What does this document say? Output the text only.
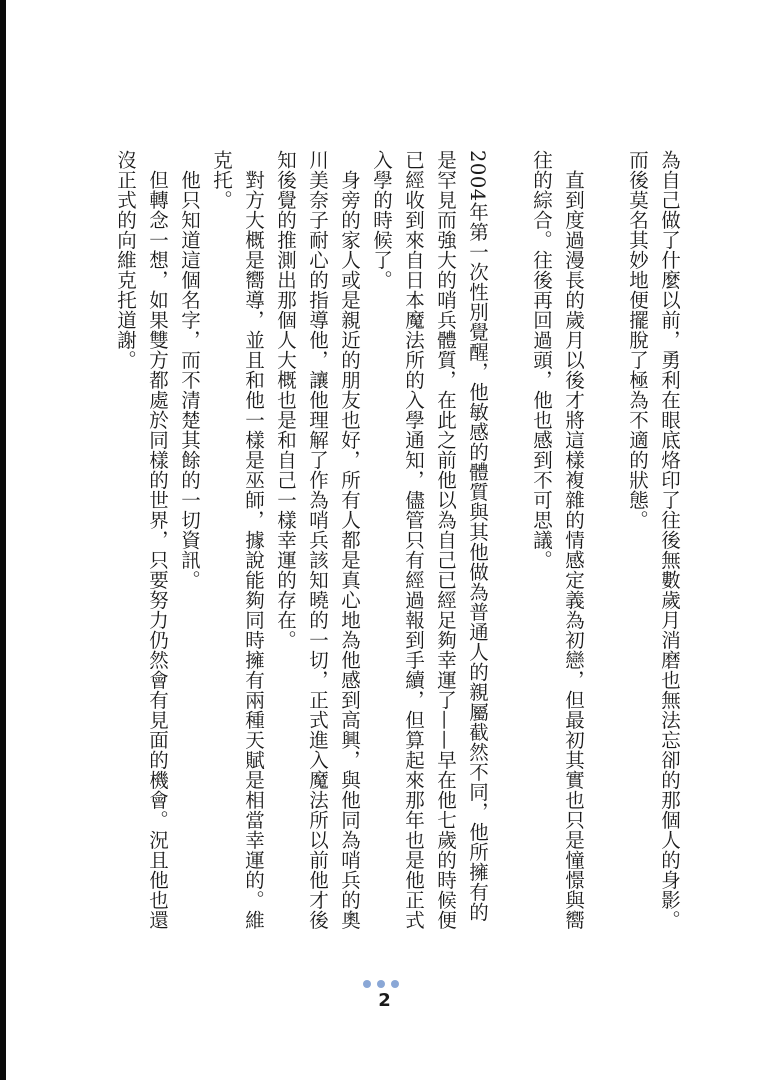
為自己做了什麼以前，勇利在眼底烙印了往後無數歲月消磨也無法忘卻的那個人的身影。而後莫名其妙地便擺脫了極為不適的狀態。

直到度過漫長的歲月以後才將這樣複雜的情感定義為初戀，但最初其實也只是憧憬與嚮往的綜合。往後再回過頭，他也感到不可思議。

2004年第一次性別覺醒，他敏感的體質與其他做為普通人的親屬截然不同，他所擁有的是罕見而強大的哨兵體質，在此之前他以為自己已經足夠幸運了——早在他七歲的時候便已經收到來自日本魔法所的入學通知，儘管只有經過報到手續，但算起來那年也是他正式入學的時候了。

身旁的家人或是親近的朋友也好，所有人都是真心地為他感到高興，與他同為哨兵的奧川美奈子耐心的指導他，讓他理解了作為哨兵該知曉的一切，正式進入魔法所以前他才後知後覺的推測出那個人大概也是和自己一樣幸運的存在。

對方大概是嚮導，並且和他一樣是巫師，據說能夠同時擁有兩種天賦是相當幸運的。維克托。

他只知道這個名字，而不清楚其餘的一切資訊。

但轉念一想，如果雙方都處於同樣的世界，只要努力仍然會有見面的機會。況且他也還沒正式的向維克托道謝。

2
